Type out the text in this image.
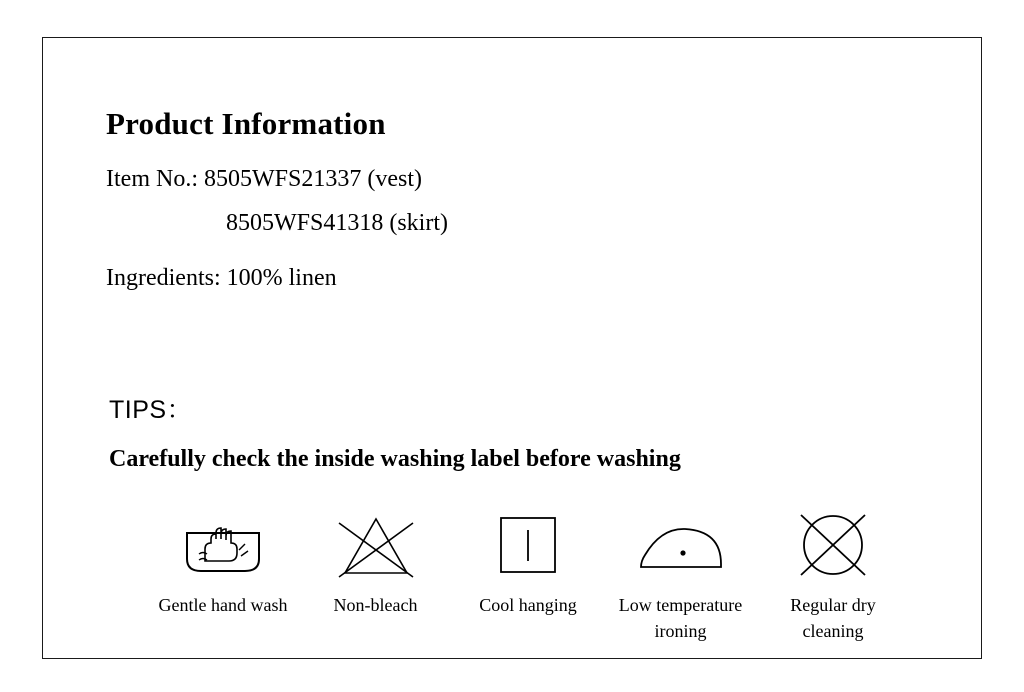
Product Information
Item No.: 8505WFS21337 (vest)
8505WFS41318 (skirt)
Ingredients: 100% linen
TIPS：
Carefully check the inside washing label before washing
Gentle hand wash	Non-bleach	Cool hanging	Low temperature ironing
Regular dry cleaning
